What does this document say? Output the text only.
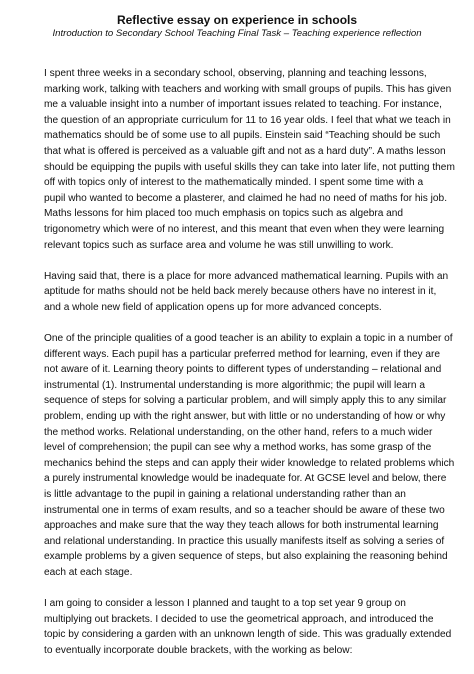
Reflective essay on experience in schools
Introduction to Secondary School Teaching Final Task – Teaching experience reflection

I spent three weeks in a secondary school, observing, planning and teaching lessons,
marking work, talking with teachers and working with small groups of pupils. This has given
me a valuable insight into a number of important issues related to teaching. For instance,
the question of an appropriate curriculum for 11 to 16 year olds. I feel that what we teach in
mathematics should be of some use to all pupils. Einstein said “Teaching should be such
that what is offered is perceived as a valuable gift and not as a hard duty”. A maths lesson
should be equipping the pupils with useful skills they can take into later life, not putting them
off with topics only of interest to the mathematically minded. I spent some time with a
pupil who wanted to become a plasterer, and claimed he had no need of maths for his job.
Maths lessons for him placed too much emphasis on topics such as algebra and
trigonometry which were of no interest, and this meant that even when they were learning
relevant topics such as surface area and volume he was still unwilling to work.

Having said that, there is a place for more advanced mathematical learning. Pupils with an
aptitude for maths should not be held back merely because others have no interest in it,
and a whole new field of application opens up for more advanced concepts.

One of the principle qualities of a good teacher is an ability to explain a topic in a number of
different ways. Each pupil has a particular preferred method for learning, even if they are
not aware of it. Learning theory points to different types of understanding – relational and
instrumental (1). Instrumental understanding is more algorithmic; the pupil will learn a
sequence of steps for solving a particular problem, and will simply apply this to any similar
problem, ending up with the right answer, but with little or no understanding of how or why
the method works. Relational understanding, on the other hand, refers to a much wider
level of comprehension; the pupil can see why a method works, has some grasp of the
mechanics behind the steps and can apply their wider knowledge to related problems which
a purely instrumental knowledge would be inadequate for. At GCSE level and below, there
is little advantage to the pupil in gaining a relational understanding rather than an
instrumental one in terms of exam results, and so a teacher should be aware of these two
approaches and make sure that the way they teach allows for both instrumental learning
and relational understanding. In practice this usually manifests itself as solving a series of
example problems by a given sequence of steps, but also explaining the reasoning behind
each at each stage.

I am going to consider a lesson I planned and taught to a top set year 9 group on
multiplying out brackets. I decided to use the geometrical approach, and introduced the
topic by considering a garden with an unknown length of side. This was gradually extended
to eventually incorporate double brackets, with the working as below:
